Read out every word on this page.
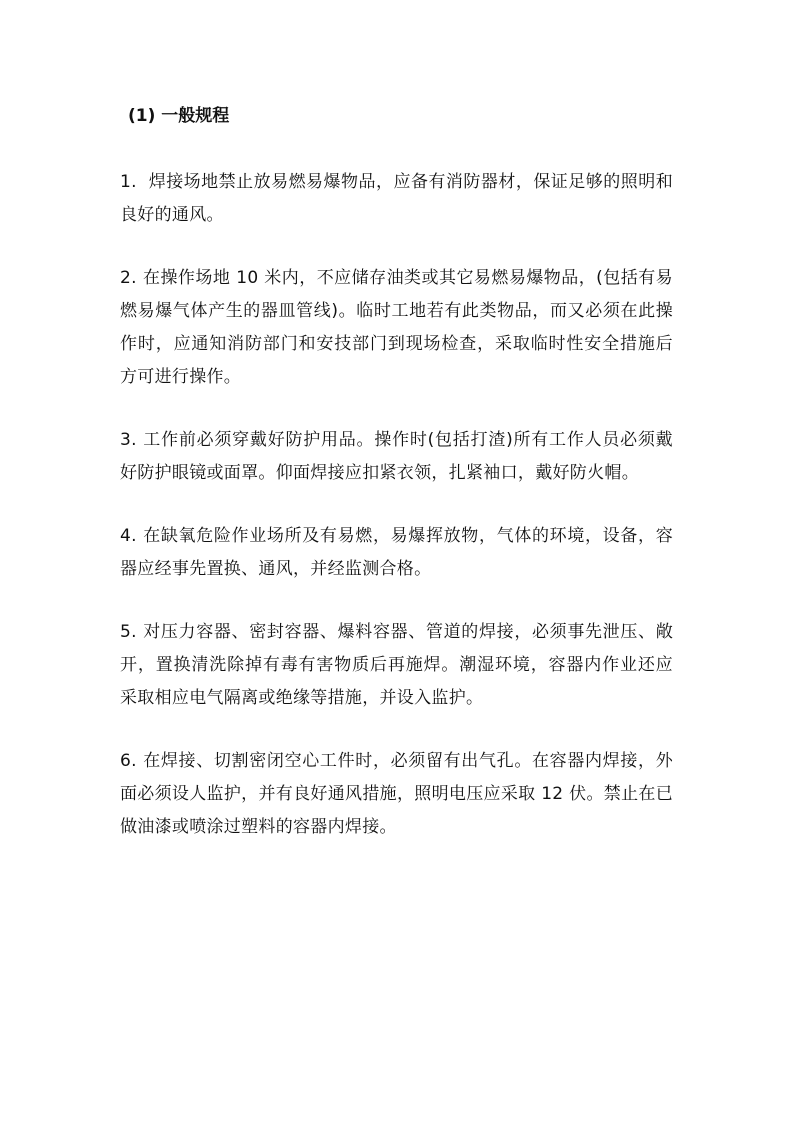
(1) 一般规程

1. 焊接场地禁止放易燃易爆物品，应备有消防器材，保证足够的照明和良好的通风。

2. 在操作场地 10 米内，不应储存油类或其它易燃易爆物品，(包括有易燃易爆气体产生的器皿管线)。临时工地若有此类物品，而又必须在此操作时，应通知消防部门和安技部门到现场检查，采取临时性安全措施后方可进行操作。

3. 工作前必须穿戴好防护用品。操作时(包括打渣)所有工作人员必须戴好防护眼镜或面罩。仰面焊接应扣紧衣领，扎紧袖口，戴好防火帽。

4. 在缺氧危险作业场所及有易燃，易爆挥放物，气体的环境，设备，容器应经事先置换、通风，并经监测合格。

5. 对压力容器、密封容器、爆料容器、管道的焊接，必须事先泄压、敞开，置换清洗除掉有毒有害物质后再施焊。潮湿环境，容器内作业还应采取相应电气隔离或绝缘等措施，并设入监护。

6. 在焊接、切割密闭空心工件时，必须留有出气孔。在容器内焊接，外面必须设人监护，并有良好通风措施，照明电压应采取 12 伏。禁止在已做油漆或喷涂过塑料的容器内焊接。
